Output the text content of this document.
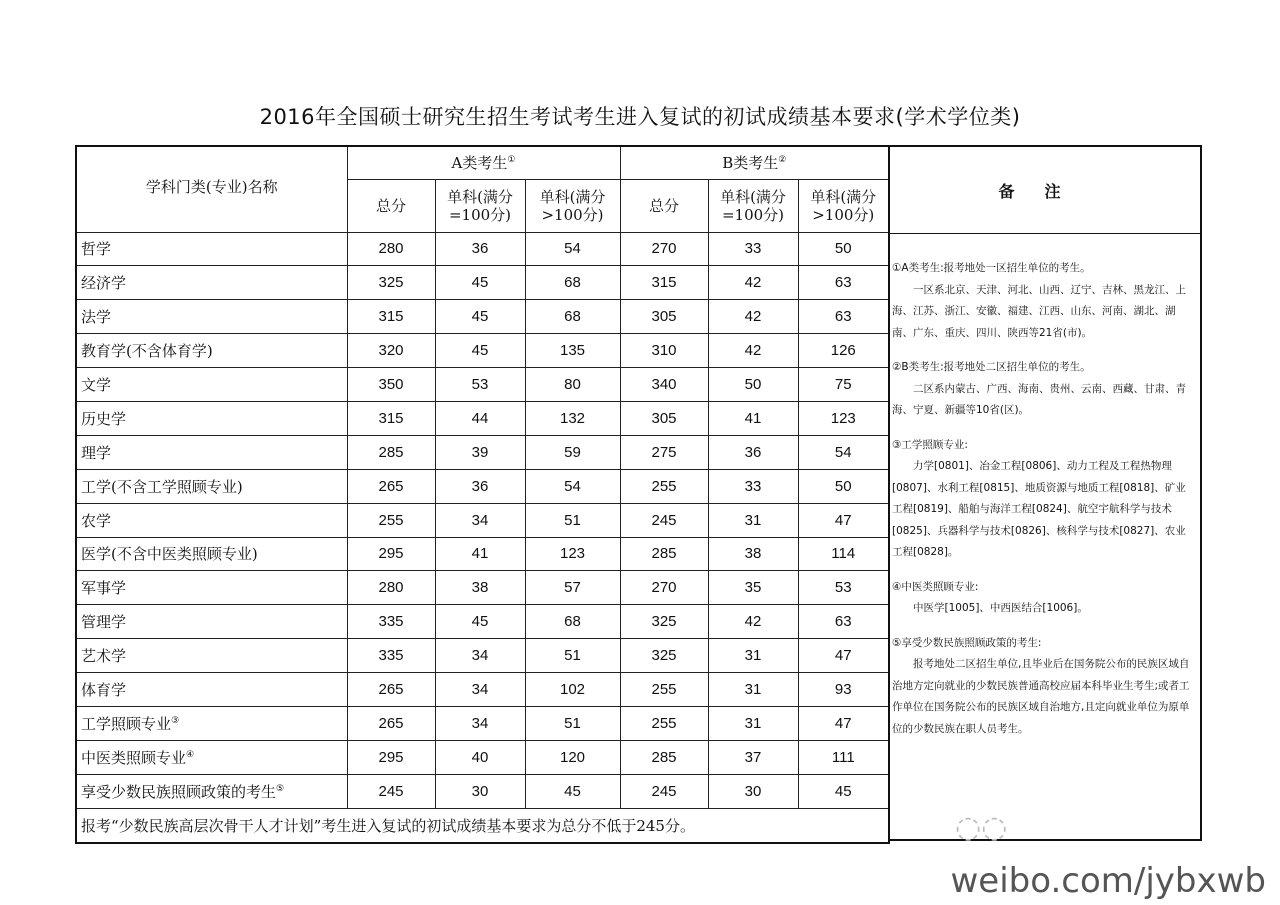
2016年全国硕士研究生招生考试考生进入复试的初试成绩基本要求(学术学位类)
学科门类(专业)名称	A类考生①			B类考生②
	总分	单科(满分=100分)	单科(满分>100分)	总分	单科(满分=100分)	单科(满分>100分)
哲学	280	36	54	270	33	50
经济学	325	45	68	315	42	63
法学	315	45	68	305	42	63
教育学(不含体育学)	320	45	135	310	42	126
文学	350	53	80	340	50	75
历史学	315	44	132	305	41	123
理学	285	39	59	275	36	54
工学(不含工学照顾专业)	265	36	54	255	33	50
农学	255	34	51	245	31	47
医学(不含中医类照顾专业)	295	41	123	285	38	114
军事学	280	38	57	270	35	53
管理学	335	45	68	325	42	63
艺术学	335	34	51	325	31	47
体育学	265	34	102	255	31	93
工学照顾专业③	265	34	51	255	31	47
中医类照顾专业④	295	40	120	285	37	111
享受少数民族照顾政策的考生⑤	245	30	45	245	30	45
报考“少数民族高层次骨干人才计划”考生进入复试的初试成绩基本要求为总分不低于245分。						
备注

①A类考生:报考地处一区招生单位的考生。

一区系北京、天津、河北、山西、辽宁、吉林、黑龙江、上海、江苏、浙江、安徽、福建、江西、山东、河南、湖北、湖南、广东、重庆、四川、陕西等21省(市)。

②B类考生:报考地处二区招生单位的考生。

二区系内蒙古、广西、海南、贵州、云南、西藏、甘肃、青海、宁夏、新疆等10省(区)。

③工学照顾专业:

力学[0801]、冶金工程[0806]、动力工程及工程热物理[0807]、水利工程[0815]、地质资源与地质工程[0818]、矿业工程[0819]、船舶与海洋工程[0824]、航空宇航科学与技术[0825]、兵器科学与技术[0826]、核科学与技术[0827]、农业工程[0828]。

④中医类照顾专业:

中医学[1005]、中西医结合[1006]。

⑤享受少数民族照顾政策的考生:

报考地处二区招生单位,且毕业后在国务院公布的民族区域自治地方定向就业的少数民族普通高校应届本科毕业生考生;或者工作单位在国务院公布的民族区域自治地方,且定向就业单位为原单位的少数民族在职人员考生。

◌◌
weibo.com/jybxwb
